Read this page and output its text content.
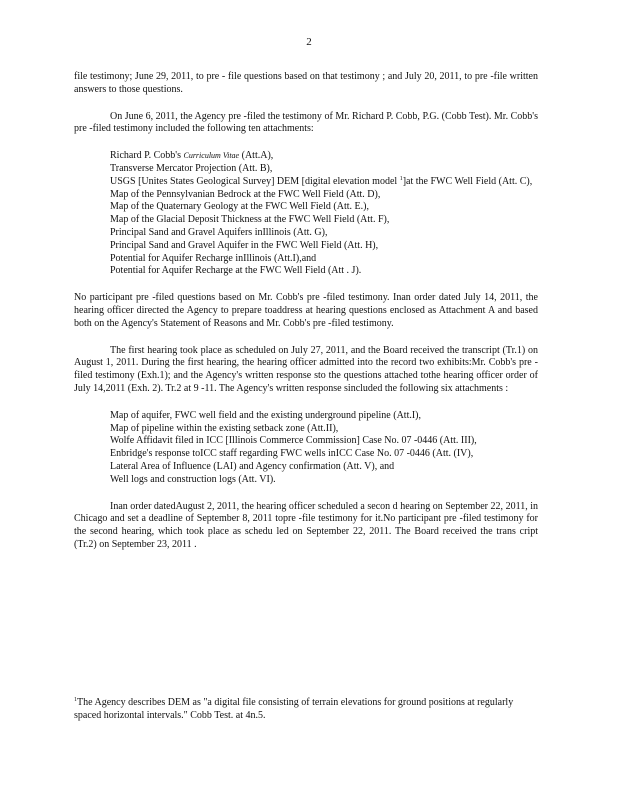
2

file testimony; June 29, 2011, to pre - file questions based on that testimony ; and July 20, 2011, to pre -file written answers to those questions.

On June 6, 2011, the Agency pre -filed the testimony of Mr. Richard P. Cobb, P.G. (Cobb Test). Mr. Cobb's pre -filed testimony included the following ten attachments:

Richard P. Cobb's Curriculum Vitae (Att.A),
Transverse Mercator Projection (Att. B),
USGS [Unites States Geological Survey] DEM [digital elevation model $^1$]at the FWC Well Field (Att. C),
Map of the Pennsylvanian Bedrock at the FWC Well Field (Att. D),
Map of the Quaternary Geology at the FWC Well Field (Att. E.),
Map of the Glacial Deposit Thickness at the FWC Well Field (Att. F),
Principal Sand and Gravel Aquifers inIllinois (Att. G),
Principal Sand and Gravel Aquifer in the FWC Well Field (Att. H),
Potential for Aquifer Recharge inIllinois (Att.I),and
Potential for Aquifer Recharge at the FWC Well Field (Att . J).

No participant pre -filed questions based on Mr. Cobb's pre -filed testimony. Inan order dated July 14, 2011, the hearing officer directed the Agency to prepare toaddress at hearing questions enclosed as Attachment A and based both on the Agency's Statement of Reasons and Mr. Cobb's pre -filed testimony.

The first hearing took place as scheduled on July 27, 2011, and the Board received the transcript (Tr.1) on August 1, 2011. During the first hearing, the hearing officer admitted into the record two exhibits:Mr. Cobb's pre -filed testimony (Exh.1); and the Agency's written response sto the questions attached tothe hearing officer order of July 14,2011 (Exh. 2). Tr.2 at 9 -11. The Agency's written response sincluded the following six attachments :

Map of aquifer, FWC well field and the existing underground pipeline (Att.I),
Map of pipeline within the existing setback zone (Att.II),
Wolfe Affidavit filed in ICC [Illinois Commerce Commission] Case No. 07 -0446 (Att. III),
Enbridge's response toICC staff regarding FWC wells inICC Case No. 07 -0446 (Att. (IV),
Lateral Area of Influence (LAI) and Agency confirmation (Att. V), and
Well logs and construction logs (Att. VI).

Inan order datedAugust 2, 2011, the hearing officer scheduled a secon d hearing on September 22, 2011, in Chicago and set a deadline of September 8, 2011 topre -file testimony for it.No participant pre -filed testimony for the second hearing, which took place as schedu led on September 22, 2011. The Board received the trans cript (Tr.2) on September 23, 2011 .

$^1$The Agency describes DEM as "a digital file consisting of terrain elevations for ground positions at regularly spaced horizontal intervals." Cobb Test. at 4n.5.
